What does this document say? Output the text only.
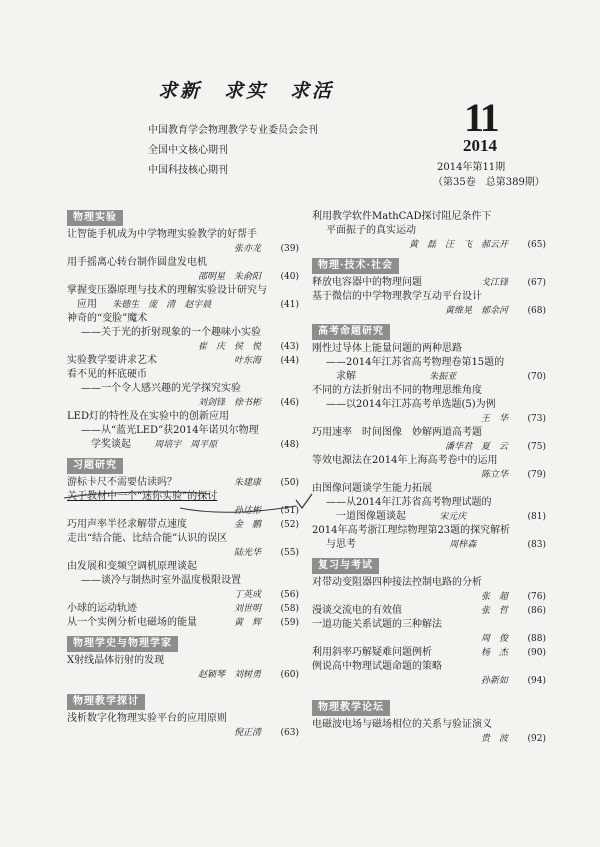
求新　求实　求活
中国教育学会物理教学专业委员会会刊
全国中文核心期刊
中国科技核心期刊
11
2014
2014年第11期
（第35卷　总第389期）
物理实验
让智能手机成为中学物理实验教学的好帮手
张亦龙	(39)
用手摇离心转台制作圆盘发电机
邵明星　朱俞阳	(40)
掌握变压器原理与技术的理解实验设计研究与
应用 朱德生　庞　清　赵宇晨	(41)
神奇的“变脸”魔术
——关于光的折射现象的一个趣味小实验
崔　庆　侯　悦	(43)
实验教学要讲求艺术	叶东海	(44)
看不见的杯底硬币
——一个令人感兴趣的光学探究实验
刘剑锋　徐书彬	(46)
LED灯的特性及在实验中的创新应用
——从“蓝光LED”获2014年诺贝尔物理
学奖谈起	周培宇　周平原	(48)
习题研究
游标卡尺不需要估读吗？	朱建康	(50)
关于教材中一个“迷你实验”的探讨
孙达彬	(51)
巧用声率半径求解带点速度	金　鹏	(52)
走出“结合能、比结合能”认识的误区
陆光华	(55)
由发展和变频空调机原理谈起
——谈冷与制热时室外温度极限设置
丁英成	(56)
小球的运动轨迹	刘世明	(58)
从一个实例分析电磁场的能量	黄　辉	(59)
物理学史与物理学家
X射线晶体衍射的发现
赵颖琴　刘树勇	(60)
物理教学探讨
浅析数字化物理实验平台的应用原则
倪正清	(63)
利用教学软件MathCAD探讨阻尼条件下
平面振子的真实运动
黄　磊　汪　飞　郝云开	(65)
物理·技术·社会
释放电容器中的物理问题	戈江锋	(67)
基于微信的中学物理教学互动平台设计
黄维晃　郁余河	(68)
高考命题研究
刚性过导体上能量问题的两种思路
——2014年江苏省高考物理卷第15题的
求解	朱振亚	(70)
不同的方法折射出不同的物理思维角度
——以2014年江苏高考单选题(5)为例
王　华	(73)
巧用速率　时间图像　妙解两道高考题
潘华君　夏　云	(75)
等效电源法在2014年上海高考卷中的运用
陈立华	(79)
由图像问题谈学生能力拓展
——从2014年江苏省高考物理试题的
一道图像题谈起	宋元庆	(81)
2014年高考浙江理综物理第23题的探究解析
与思考	周梓森	(83)
复习与考试
对带动变阻器四种接法控制电路的分析
张　超	(76)
漫谈交流电的有效值	张　哲	(86)
一道功能关系试题的三种解法
周　俊	(88)
利用斜率巧解疑难问题例析	杨　杰	(90)
例说高中物理试题命题的策略
孙新如	(94)
物理教学论坛
电磁波电场与磁场相位的关系与验证演义
贵　波	(92)
